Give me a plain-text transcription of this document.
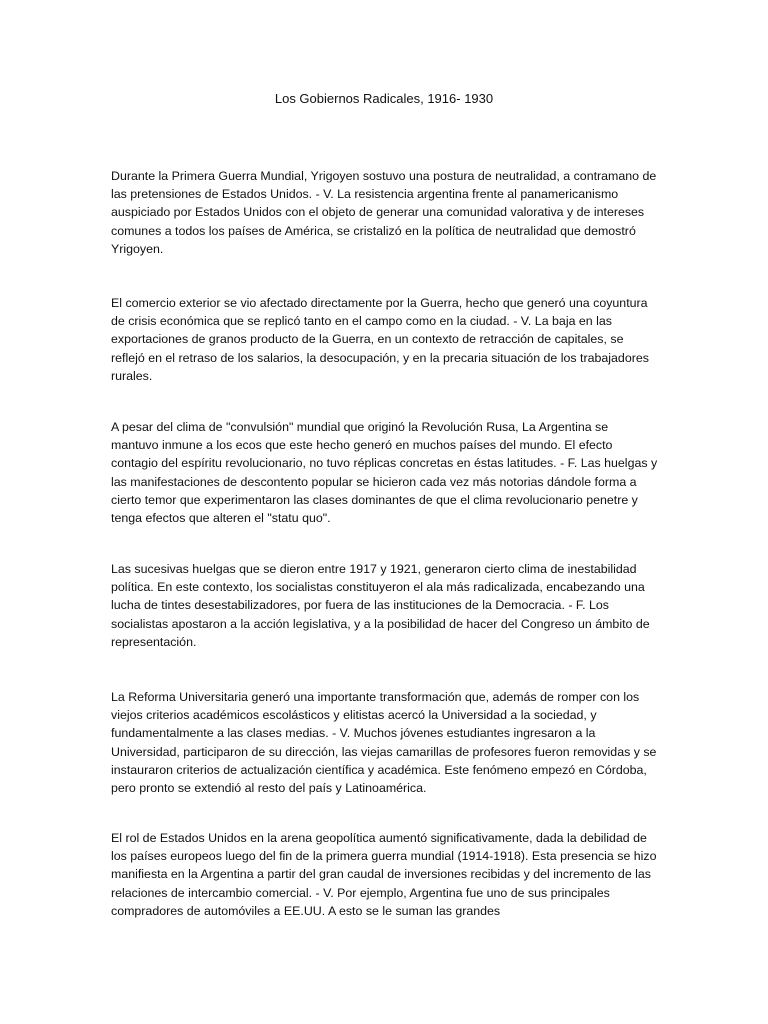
Los Gobiernos Radicales, 1916- 1930

Durante la Primera Guerra Mundial, Yrigoyen sostuvo una postura de neutralidad, a contramano de las pretensiones de Estados Unidos. - V. La resistencia argentina frente al panamericanismo auspiciado por Estados Unidos con el objeto de generar una comunidad valorativa y de intereses comunes a todos los países de América, se cristalizó en la política de neutralidad que demostró Yrigoyen.

El comercio exterior se vio afectado directamente por la Guerra, hecho que generó una coyuntura de crisis económica que se replicó tanto en el campo como en la ciudad. - V. La baja en las exportaciones de granos producto de la Guerra, en un contexto de retracción de capitales, se reflejó en el retraso de los salarios, la desocupación, y en la precaria situación de los trabajadores rurales.

A pesar del clima de "convulsión" mundial que originó la Revolución Rusa, La Argentina se mantuvo inmune a los ecos que este hecho generó en muchos países del mundo. El efecto contagio del espíritu revolucionario, no tuvo réplicas concretas en éstas latitudes. - F. Las huelgas y las manifestaciones de descontento popular se hicieron cada vez más notorias dándole forma a cierto temor que experimentaron las clases dominantes de que el clima revolucionario penetre y tenga efectos que alteren el "statu quo".

Las sucesivas huelgas que se dieron entre 1917 y 1921, generaron cierto clima de inestabilidad política. En este contexto, los socialistas constituyeron el ala más radicalizada, encabezando una lucha de tintes desestabilizadores, por fuera de las instituciones de la Democracia. - F. Los socialistas apostaron a la acción legislativa, y a la posibilidad de hacer del Congreso un ámbito de representación.

La Reforma Universitaria generó una importante transformación que, además de romper con los viejos criterios académicos escolásticos y elitistas acercó la Universidad a la sociedad, y fundamentalmente a las clases medias. - V. Muchos jóvenes estudiantes ingresaron a la Universidad, participaron de su dirección, las viejas camarillas de profesores fueron removidas y se instauraron criterios de actualización científica y académica. Este fenómeno empezó en Córdoba, pero pronto se extendió al resto del país y Latinoamérica.

El rol de Estados Unidos en la arena geopolítica aumentó significativamente, dada la debilidad de los países europeos luego del fin de la primera guerra mundial (1914-1918). Esta presencia se hizo manifiesta en la Argentina a partir del gran caudal de inversiones recibidas y del incremento de las relaciones de intercambio comercial. - V. Por ejemplo, Argentina fue uno de sus principales compradores de automóviles a EE.UU. A esto se le suman las grandes
